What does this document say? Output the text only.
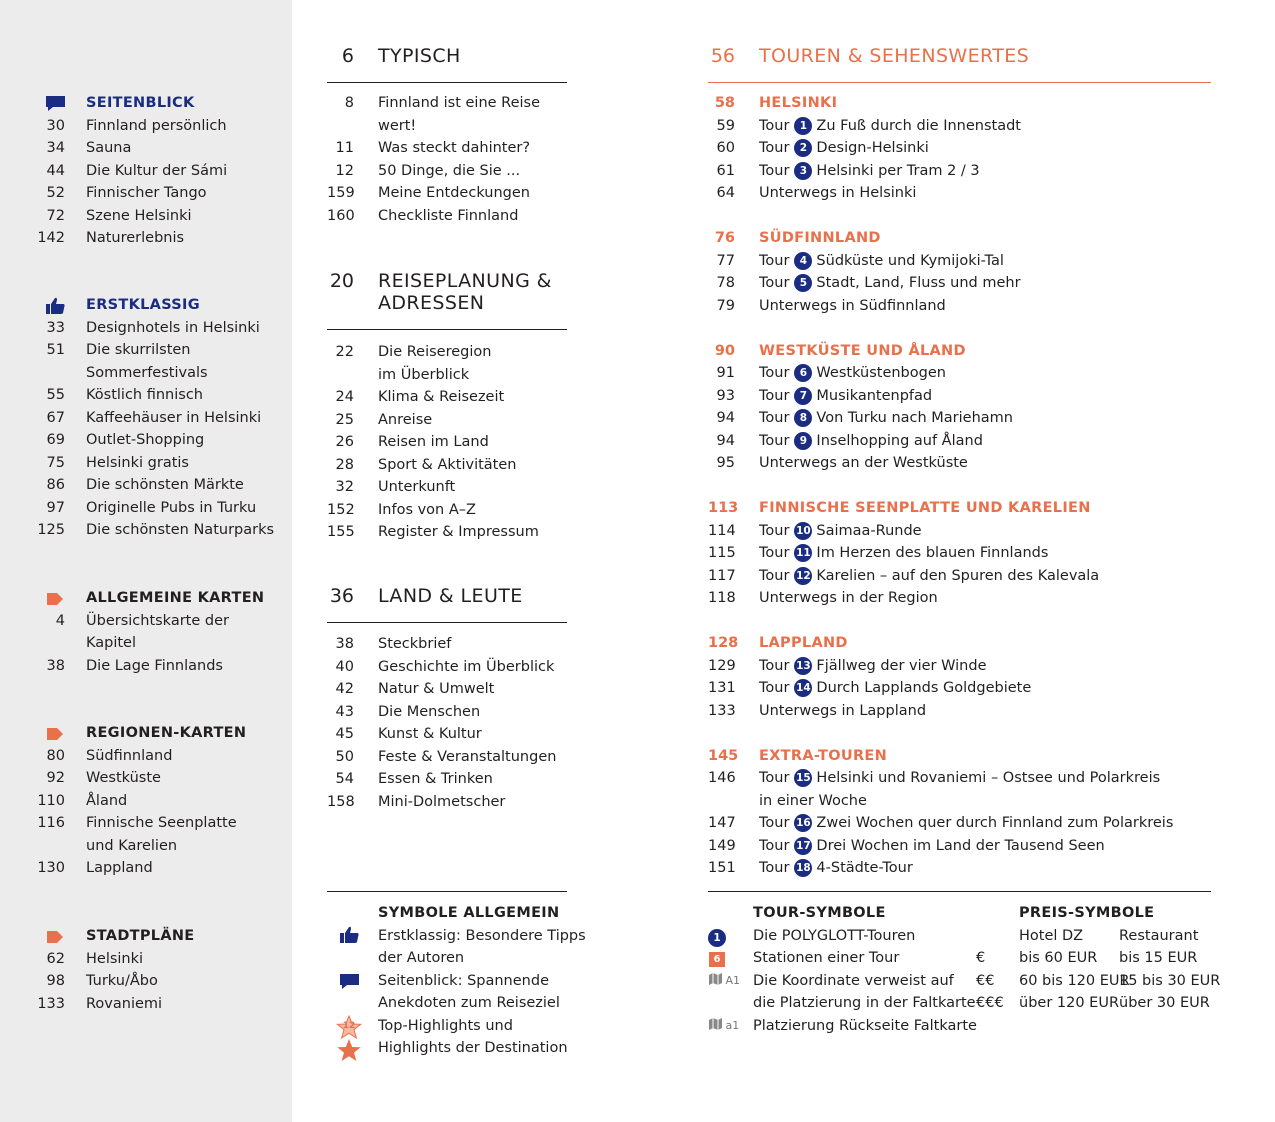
SEITENBLICK
30 Finnland persönlich
34 Sauna
44 Die Kultur der Sámi
52 Finnischer Tango
72 Szene Helsinki
142 Naturerlebnis
ERSTKLASSIG
33 Designhotels in Helsinki
51 Die skurrilsten
Sommerfestivals
55 Köstlich finnisch
67 Kaffeehäuser in Helsinki
69 Outlet-Shopping
75 Helsinki gratis
86 Die schönsten Märkte
97 Originelle Pubs in Turku
125 Die schönsten Naturparks
ALLGEMEINE KARTEN
4 Übersichtskarte der
Kapitel
38 Die Lage Finnlands
REGIONEN-KARTEN
80 Südfinnland
92 Westküste
110 Åland
116 Finnische Seenplatte
und Karelien
130 Lappland
STADTPLÄNE
62 Helsinki
98 Turku/Åbo
133 Rovaniemi
6 TYPISCH
8 Finnland ist eine Reise
wert!
11 Was steckt dahinter?
12 50 Dinge, die Sie ...
159 Meine Entdeckungen
160 Checkliste Finnland
20 REISEPLANUNG &
ADRESSEN
22 Die Reiseregion
im Überblick
24 Klima & Reisezeit
25 Anreise
26 Reisen im Land
28 Sport & Aktivitäten
32 Unterkunft
152 Infos von A–Z
155 Register & Impressum
36 LAND & LEUTE
38 Steckbrief
40 Geschichte im Überblick
42 Natur & Umwelt
43 Die Menschen
45 Kunst & Kultur
50 Feste & Veranstaltungen
54 Essen & Trinken
158 Mini-Dolmetscher
56 TOUREN & SEHENSWERTES
58 HELSINKI
59 Tour 1 Zu Fuß durch die Innenstadt
60 Tour 2 Design-Helsinki
61 Tour 3 Helsinki per Tram 2 / 3
64 Unterwegs in Helsinki
76 SÜDFINNLAND
77 Tour 4 Südküste und Kymijoki-Tal
78 Tour 5 Stadt, Land, Fluss und mehr
79 Unterwegs in Südfinnland
90 WESTKÜSTE UND ÅLAND
91 Tour 6 Westküstenbogen
93 Tour 7 Musikantenpfad
94 Tour 8 Von Turku nach Mariehamn
94 Tour 9 Inselhopping auf Åland
95 Unterwegs an der Westküste
113 FINNISCHE SEENPLATTE UND KARELIEN
114 Tour 10 Saimaa-Runde
115 Tour 11 Im Herzen des blauen Finnlands
117 Tour 12 Karelien – auf den Spuren des Kalevala
118 Unterwegs in der Region
128 LAPPLAND
129 Tour 13 Fjällweg der vier Winde
131 Tour 14 Durch Lapplands Goldgebiete
133 Unterwegs in Lappland
145 EXTRA-TOUREN
146 Tour 15 Helsinki und Rovaniemi – Ostsee und Polarkreis
in einer Woche
147 Tour 16 Zwei Wochen quer durch Finnland zum Polarkreis
149 Tour 17 Drei Wochen im Land der Tausend Seen
151 Tour 18 4-Städte-Tour
SYMBOLE ALLGEMEIN
Erstklassig: Besondere Tipps
der Autoren
Seitenblick: Spannende
Anekdoten zum Reiseziel
Top-Highlights und
Highlights der Destination
12
TOUR-SYMBOLE
1	Die POLYGLOTT-Touren
6	Stationen einer Tour
A1 Die Koordinate verweist auf
die Platzierung in der Faltkarte
a1 Platzierung Rückseite Faltkarte
PREIS-SYMBOLE
Hotel DZ Restaurant
€ bis 60 EUR bis 15 EUR
€€ 60 bis 120 EUR
15 bis 30 EUR
€€€ über 120 EUR über 30 EUR
